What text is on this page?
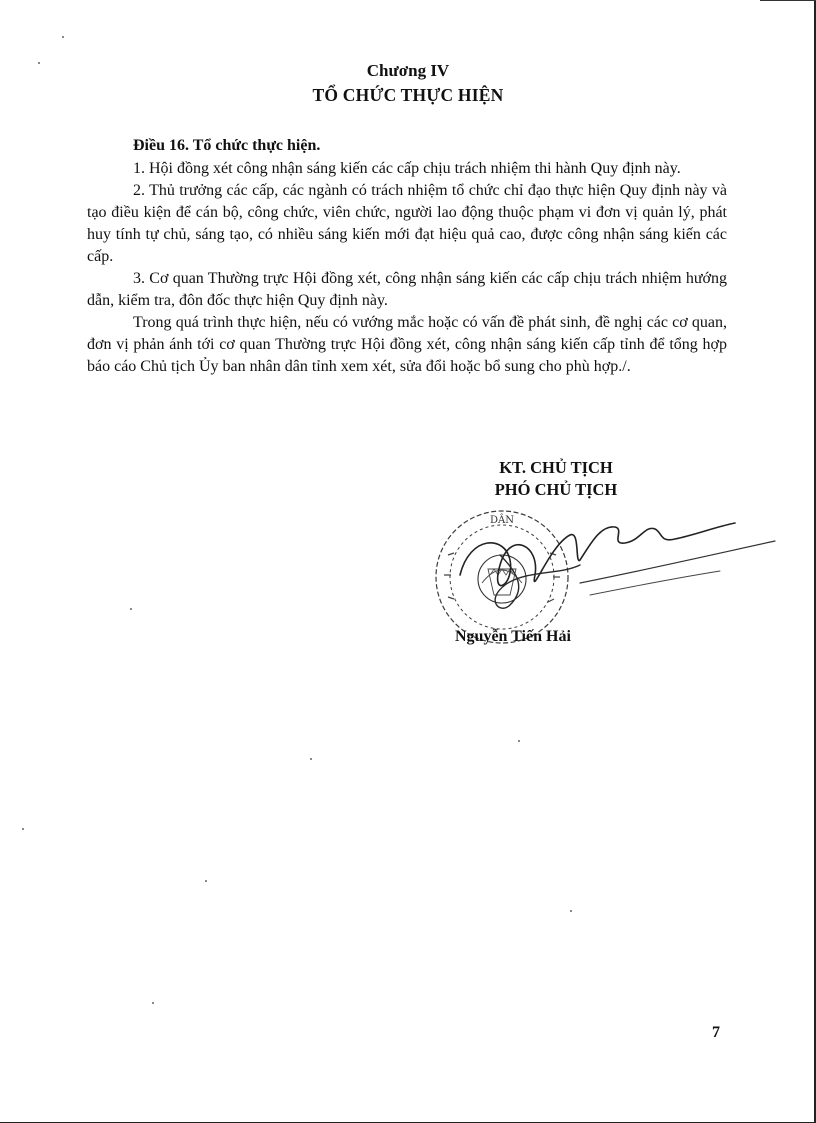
Chương IV
TỔ CHỨC THỰC HIỆN
Điều 16. Tổ chức thực hiện.

1. Hội đồng xét công nhận sáng kiến các cấp chịu trách nhiệm thi hành Quy định này.

2. Thủ trưởng các cấp, các ngành có trách nhiệm tổ chức chỉ đạo thực hiện Quy định này và tạo điều kiện để cán bộ, công chức, viên chức, người lao động thuộc phạm vi đơn vị quản lý, phát huy tính tự chủ, sáng tạo, có nhiều sáng kiến mới đạt hiệu quả cao, được công nhận sáng kiến các cấp.

3. Cơ quan Thường trực Hội đồng xét, công nhận sáng kiến các cấp chịu trách nhiệm hướng dẫn, kiểm tra, đôn đốc thực hiện Quy định này.

Trong quá trình thực hiện, nếu có vướng mắc hoặc có vấn đề phát sinh, đề nghị các cơ quan, đơn vị phản ánh tới cơ quan Thường trực Hội đồng xét, công nhận sáng kiến cấp tỉnh để tổng hợp báo cáo Chủ tịch Ủy ban nhân dân tỉnh xem xét, sửa đổi hoặc bổ sung cho phù hợp./.

KT. CHỦ TỊCH
PHÓ CHỦ TỊCH
DÂN
Nguyễn Tiến Hải
7
